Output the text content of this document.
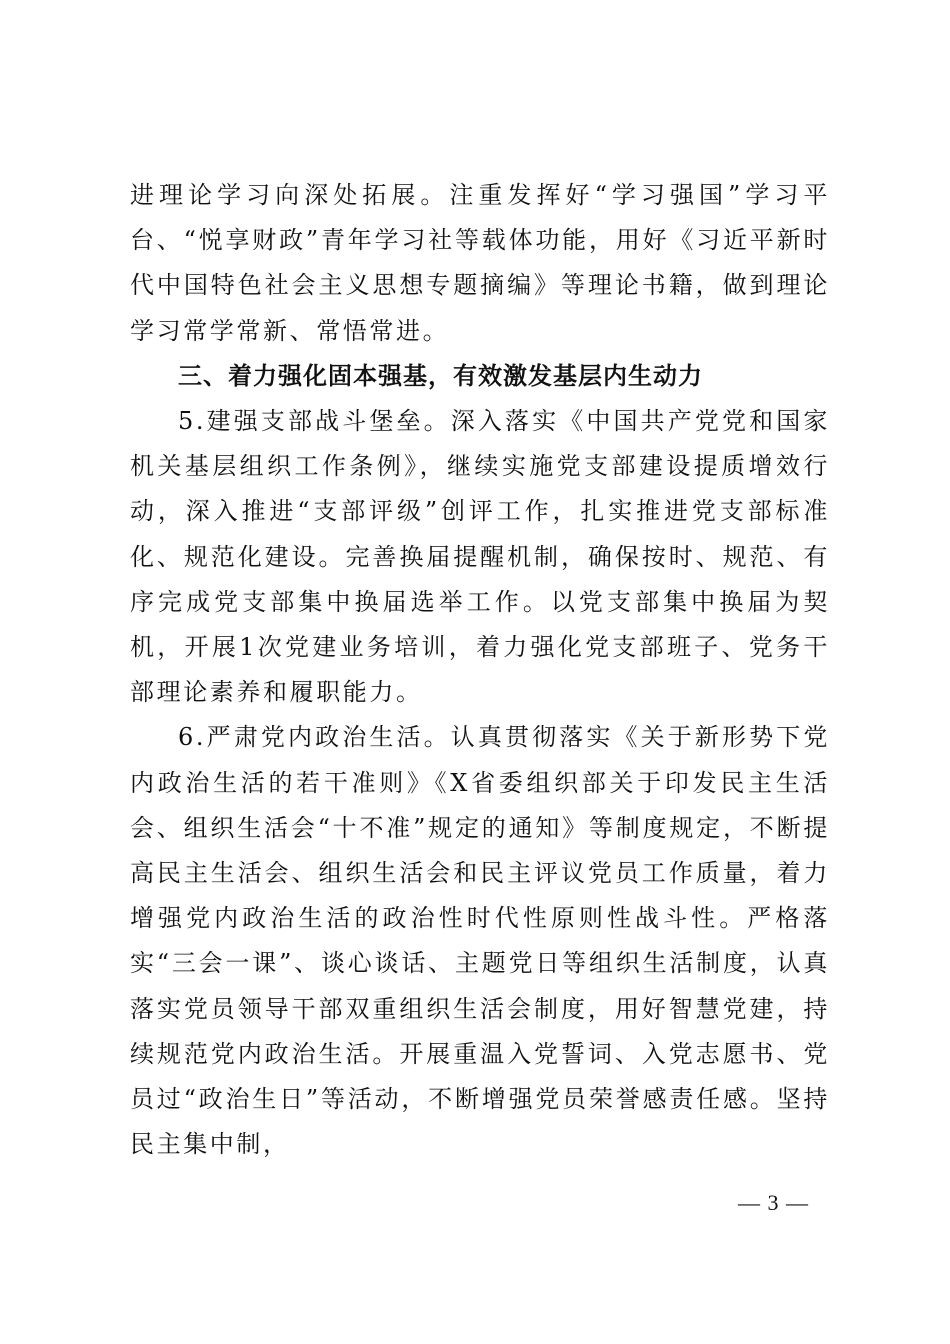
进理论学习向深处拓展。注重发挥好“学习强国”学习平台、“悦享财政”青年学习社等载体功能，用好《习近平新时代中国特色社会主义思想专题摘编》等理论书籍，做到理论学习常学常新、常悟常进。

三、着力强化固本强基，有效激发基层内生动力

5.建强支部战斗堡垒。深入落实《中国共产党党和国家机关基层组织工作条例》，继续实施党支部建设提质增效行动，深入推进“支部评级”创评工作，扎实推进党支部标准化、规范化建设。完善换届提醒机制，确保按时、规范、有序完成党支部集中换届选举工作。以党支部集中换届为契机，开展1次党建业务培训，着力强化党支部班子、党务干部理论素养和履职能力。

6.严肃党内政治生活。认真贯彻落实《关于新形势下党内政治生活的若干准则》《X省委组织部关于印发民主生活会、组织生活会“十不准”规定的通知》等制度规定，不断提高民主生活会、组织生活会和民主评议党员工作质量，着力增强党内政治生活的政治性时代性原则性战斗性。严格落实“三会一课”、谈心谈话、主题党日等组织生活制度，认真落实党员领导干部双重组织生活会制度，用好智慧党建，持续规范党内政治生活。开展重温入党誓词、入党志愿书、党员过“政治生日”等活动，不断增强党员荣誉感责任感。坚持民主集中制，

— 3 —
